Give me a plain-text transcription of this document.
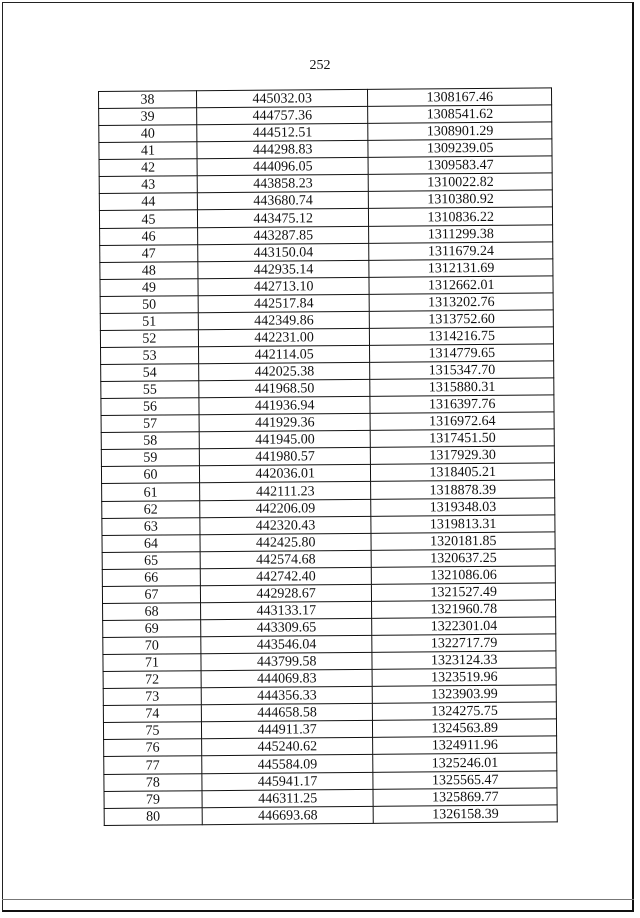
252
38	445032.03	1308167.46
39	444757.36	1308541.62
40	444512.51	1308901.29
41	444298.83	1309239.05
42	444096.05	1309583.47
43	443858.23	1310022.82
44	443680.74	1310380.92
45	443475.12	1310836.22
46	443287.85	1311299.38
47	443150.04	1311679.24
48	442935.14	1312131.69
49	442713.10	1312662.01
50	442517.84	1313202.76
51	442349.86	1313752.60
52	442231.00	1314216.75
53	442114.05	1314779.65
54	442025.38	1315347.70
55	441968.50	1315880.31
56	441936.94	1316397.76
57	441929.36	1316972.64
58	441945.00	1317451.50
59	441980.57	1317929.30
60	442036.01	1318405.21
61	442111.23	1318878.39
62	442206.09	1319348.03
63	442320.43	1319813.31
64	442425.80	1320181.85
65	442574.68	1320637.25
66	442742.40	1321086.06
67	442928.67	1321527.49
68	443133.17	1321960.78
69	443309.65	1322301.04
70	443546.04	1322717.79
71	443799.58	1323124.33
72	444069.83	1323519.96
73	444356.33	1323903.99
74	444658.58	1324275.75
75	444911.37	1324563.89
76	445240.62	1324911.96
77	445584.09	1325246.01
78	445941.17	1325565.47
79	446311.25	1325869.77
80	446693.68	1326158.39
